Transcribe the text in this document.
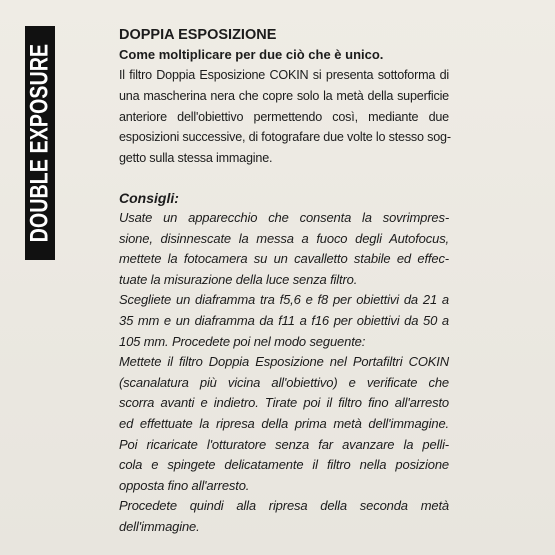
DOUBLE EXPOSURE
DOPPIA ESPOSIZIONE
Come moltiplicare per due ciò che è unico.

Il filtro Doppia Esposizione COKIN si presenta sottoforma di
una mascherina nera che copre solo la metà della superficie
anteriore dell'obiettivo permettendo così, mediante due
esposizioni successive, di fotografare due volte lo stesso sog-
getto sulla stessa immagine.

Consigli:

Usate un apparecchio che consenta la sovrimpres-
sione, disinnescate la messa a fuoco degli Autofocus,
mettete la fotocamera su un cavalletto stabile ed effec-
tuate la misurazione della luce senza filtro.
Scegliete un diaframma tra f5,6 e f8 per obiettivi da 21 a
35 mm e un diaframma da f11 a f16 per obiettivi da 50 a
105 mm. Procedete poi nel modo seguente:
Mettete il filtro Doppia Esposizione nel Portafiltri COKIN
(scanalatura più vicina all'obiettivo) e verificate che
scorra avanti e indietro. Tirate poi il filtro fino all'arresto
ed effettuate la ripresa della prima metà dell'immagine.
Poi ricaricate l'otturatore senza far avanzare la pelli-
cola e spingete delicatamente il filtro nella posizione
opposta fino all'arresto.
Procedete quindi alla ripresa della seconda metà
dell'immagine.
